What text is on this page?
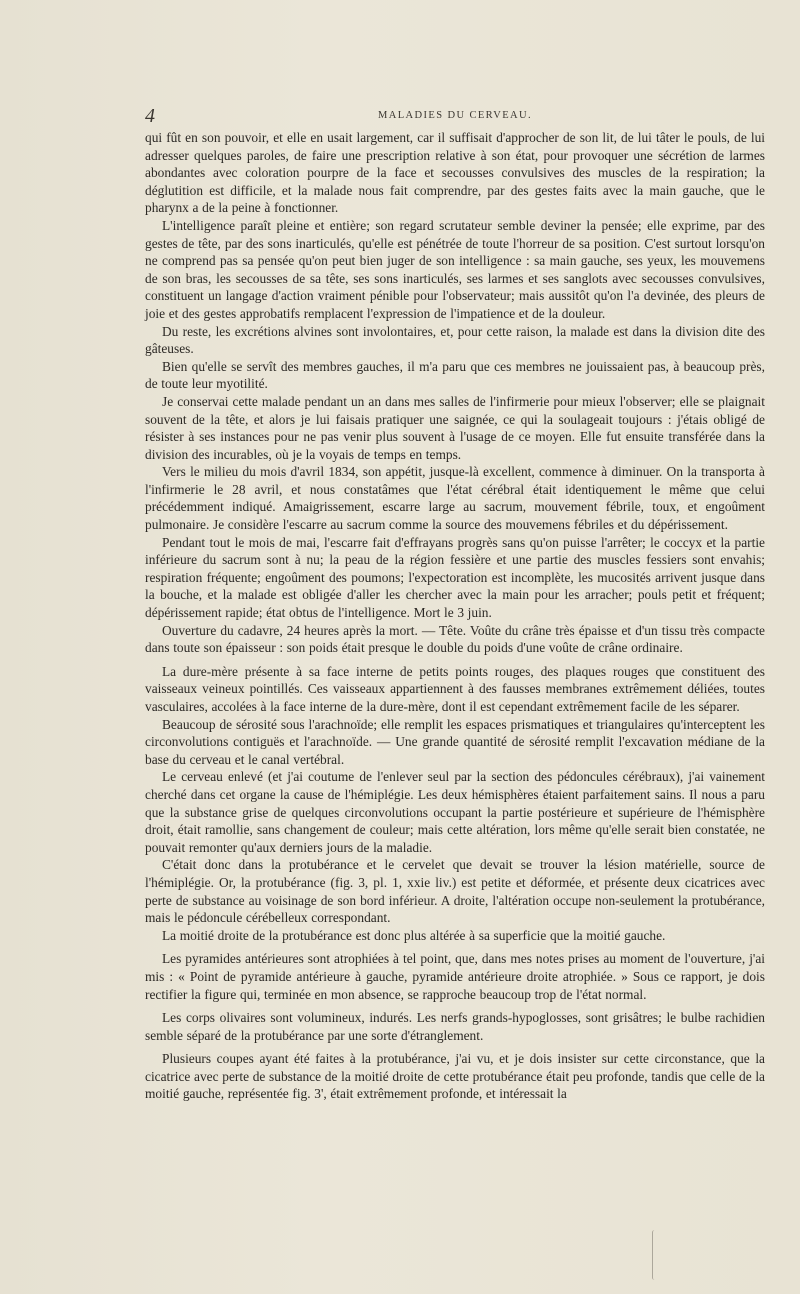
4	MALADIES DU CERVEAU.

qui fût en son pouvoir, et elle en usait largement, car il suffisait d'approcher de son lit, de lui tâter le pouls, de lui adresser quelques paroles, de faire une prescription relative à son état, pour provoquer une sécrétion de larmes abondantes avec coloration pourpre de la face et secousses convulsives des muscles de la respiration; la déglutition est difficile, et la malade nous fait comprendre, par des gestes faits avec la main gauche, que le pharynx a de la peine à fonctionner.

L'intelligence paraît pleine et entière; son regard scrutateur semble deviner la pensée; elle exprime, par des gestes de tête, par des sons inarticulés, qu'elle est pénétrée de toute l'horreur de sa position. C'est surtout lorsqu'on ne comprend pas sa pensée qu'on peut bien juger de son intelligence : sa main gauche, ses yeux, les mouvemens de son bras, les secousses de sa tête, ses sons inarticulés, ses larmes et ses sanglots avec secousses convulsives, constituent un langage d'action vraiment pénible pour l'observateur; mais aussitôt qu'on l'a devinée, des pleurs de joie et des gestes approbatifs remplacent l'expression de l'impatience et de la douleur.

Du reste, les excrétions alvines sont involontaires, et, pour cette raison, la malade est dans la division dite des gâteuses.

Bien qu'elle se servît des membres gauches, il m'a paru que ces membres ne jouissaient pas, à beaucoup près, de toute leur myotilité.

Je conservai cette malade pendant un an dans mes salles de l'infirmerie pour mieux l'observer; elle se plaignait souvent de la tête, et alors je lui faisais pratiquer une saignée, ce qui la soulageait toujours : j'étais obligé de résister à ses instances pour ne pas venir plus souvent à l'usage de ce moyen. Elle fut ensuite transférée dans la division des incurables, où je la voyais de temps en temps.

Vers le milieu du mois d'avril 1834, son appétit, jusque-là excellent, commence à diminuer. On la transporta à l'infirmerie le 28 avril, et nous constatâmes que l'état cérébral était identiquement le même que celui précédemment indiqué. Amaigrissement, escarre large au sacrum, mouvement fébrile, toux, et engoûment pulmonaire. Je considère l'escarre au sacrum comme la source des mouvemens fébriles et du dépérissement.

Pendant tout le mois de mai, l'escarre fait d'effrayans progrès sans qu'on puisse l'arrêter; le coccyx et la partie inférieure du sacrum sont à nu; la peau de la région fessière et une partie des muscles fessiers sont envahis; respiration fréquente; engoûment des poumons; l'expectoration est incomplète, les mucosités arrivent jusque dans la bouche, et la malade est obligée d'aller les chercher avec la main pour les arracher; pouls petit et fréquent; dépérissement rapide; état obtus de l'intelligence. Mort le 3 juin.

Ouverture du cadavre, 24 heures après la mort. — Tête. Voûte du crâne très épaisse et d'un tissu très compacte dans toute son épaisseur : son poids était presque le double du poids d'une voûte de crâne ordinaire.

La dure-mère présente à sa face interne de petits points rouges, des plaques rouges que constituent des vaisseaux veineux pointillés. Ces vaisseaux appartiennent à des fausses membranes extrêmement déliées, toutes vasculaires, accolées à la face interne de la dure-mère, dont il est cependant extrêmement facile de les séparer.

Beaucoup de sérosité sous l'arachnoïde; elle remplit les espaces prismatiques et triangulaires qu'interceptent les circonvolutions contiguës et l'arachnoïde. — Une grande quantité de sérosité remplit l'excavation médiane de la base du cerveau et le canal vertébral.

Le cerveau enlevé (et j'ai coutume de l'enlever seul par la section des pédoncules cérébraux), j'ai vainement cherché dans cet organe la cause de l'hémiplégie. Les deux hémisphères étaient parfaitement sains. Il nous a paru que la substance grise de quelques circonvolutions occupant la partie postérieure et supérieure de l'hémisphère droit, était ramollie, sans changement de couleur; mais cette altération, lors même qu'elle serait bien constatée, ne pouvait remonter qu'aux derniers jours de la maladie.

C'était donc dans la protubérance et le cervelet que devait se trouver la lésion matérielle, source de l'hémiplégie. Or, la protubérance (fig. 3, pl. 1, xxie liv.) est petite et déformée, et présente deux cicatrices avec perte de substance au voisinage de son bord inférieur. A droite, l'altération occupe non-seulement la protubérance, mais le pédoncule cérébelleux correspondant.

La moitié droite de la protubérance est donc plus altérée à sa superficie que la moitié gauche.

Les pyramides antérieures sont atrophiées à tel point, que, dans mes notes prises au moment de l'ouverture, j'ai mis : « Point de pyramide antérieure à gauche, pyramide antérieure droite atrophiée. » Sous ce rapport, je dois rectifier la figure qui, terminée en mon absence, se rapproche beaucoup trop de l'état normal.

Les corps olivaires sont volumineux, indurés. Les nerfs grands-hypoglosses, sont grisâtres; le bulbe rachidien semble séparé de la protubérance par une sorte d'étranglement.

Plusieurs coupes ayant été faites à la protubérance, j'ai vu, et je dois insister sur cette circonstance, que la cicatrice avec perte de substance de la moitié droite de cette protubérance était peu profonde, tandis que celle de la moitié gauche, représentée fig. 3', était extrêmement profonde, et intéressait la
